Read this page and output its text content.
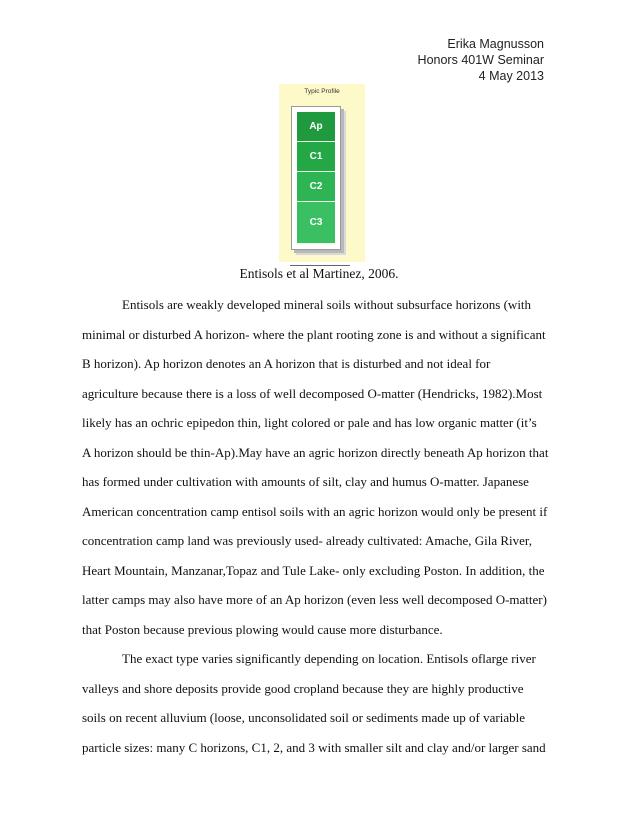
Erika Magnusson
Honors 401W Seminar
4 May 2013
Typic Profile
Ap
C1
C2
C3
Entisols et al Martinez, 2006.

Entisols are weakly developed mineral soils without subsurface horizons (with

minimal or disturbed A horizon- where the plant rooting zone is and without a significant
B horizon). Ap horizon denotes an A horizon that is disturbed and not ideal for
agriculture because there is a loss of well decomposed O-matter (Hendricks, 1982).Most
likely has an ochric epipedon thin, light colored or pale and has low organic matter (it’s
A horizon should be thin-Ap).May have an agric horizon directly beneath Ap horizon that
has formed under cultivation with amounts of silt, clay and humus O-matter. Japanese
American concentration camp entisol soils with an agric horizon would only be present if
concentration camp land was previously used- already cultivated: Amache, Gila River,
Heart Mountain, Manzanar,Topaz and Tule Lake- only excluding Poston. In addition, the
latter camps may also have more of an Ap horizon (even less well decomposed O-matter)
that Poston because previous plowing would cause more disturbance.

The exact type varies significantly depending on location. Entisols oflarge river

valleys and shore deposits provide good cropland because they are highly productive
soils on recent alluvium (loose, unconsolidated soil or sediments made up of variable
particle sizes: many C horizons, C1, 2, and 3 with smaller silt and clay and/or larger sand
